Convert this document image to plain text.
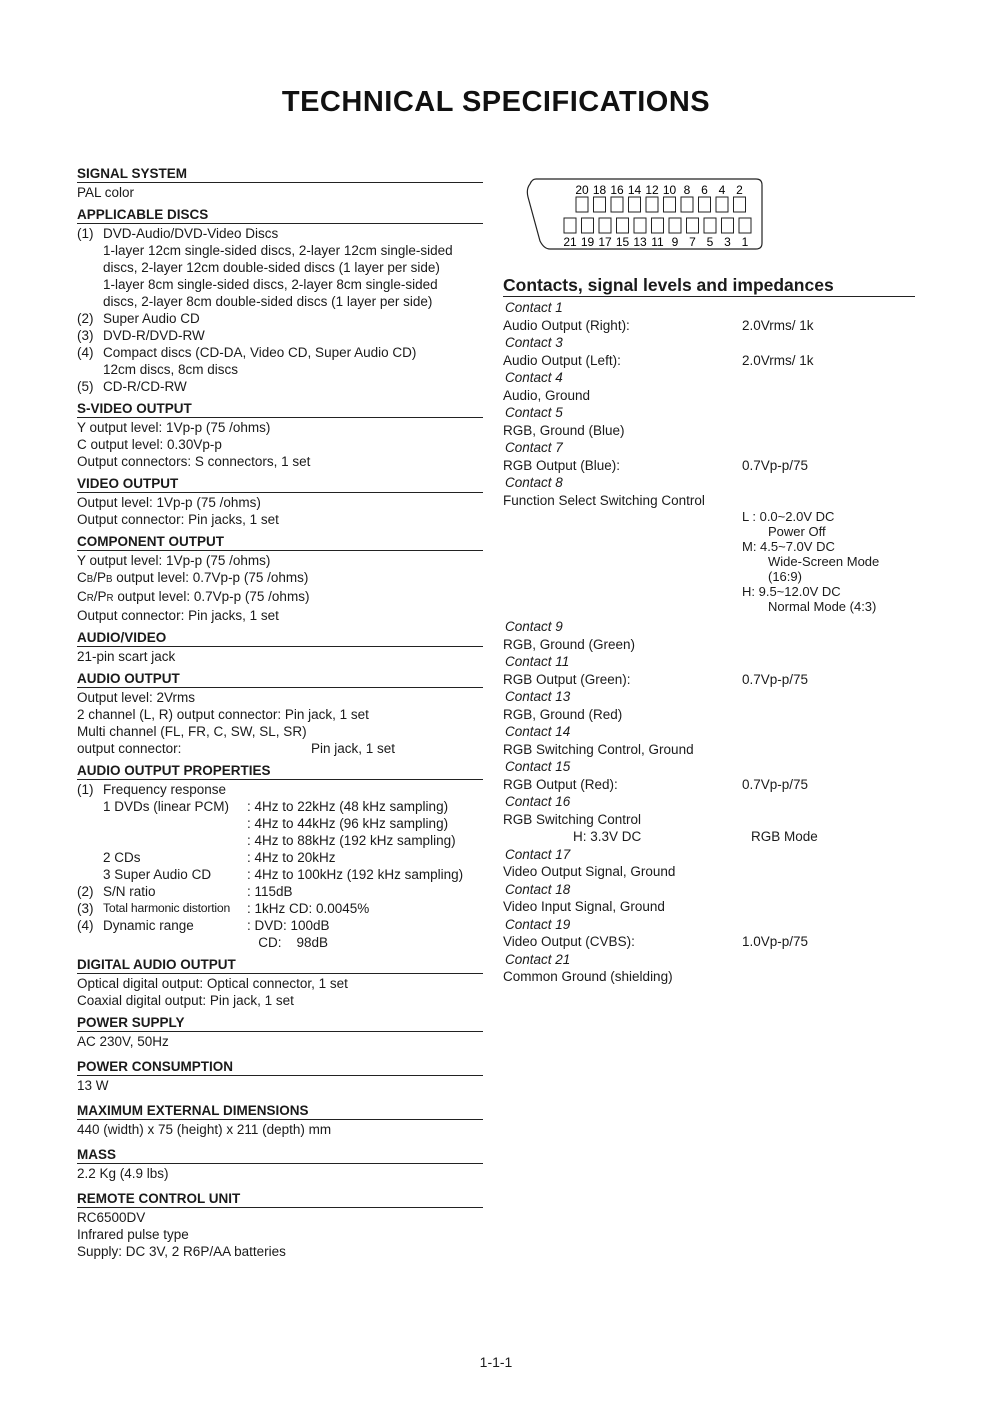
TECHNICAL SPECIFICATIONS
SIGNAL SYSTEM
PAL color
APPLICABLE DISCS
(1) DVD-Audio/DVD-Video Discs
1-layer 12cm single-sided discs, 2-layer 12cm single-sided
discs, 2-layer 12cm double-sided discs (1 layer per side)
1-layer 8cm single-sided discs, 2-layer 8cm single-sided
discs, 2-layer 8cm double-sided discs (1 layer per side)
(2) Super Audio CD
(3) DVD-R/DVD-RW
(4) Compact discs (CD-DA, Video CD, Super Audio CD)
12cm discs, 8cm discs
(5) CD-R/CD-RW
S-VIDEO OUTPUT
Y output level: 1Vp-p (75 /ohms)
C output level: 0.30Vp-p
Output connectors: S connectors, 1 set
VIDEO OUTPUT
Output level: 1Vp-p (75 /ohms)
Output connector: Pin jacks, 1 set
COMPONENT OUTPUT
Y output level: 1Vp-p (75 /ohms)
CB/PB output level: 0.7Vp-p (75 /ohms)
CR/PR output level: 0.7Vp-p (75 /ohms)
Output connector: Pin jacks, 1 set
AUDIO/VIDEO
21-pin scart jack
AUDIO OUTPUT
Output level: 2Vrms
2 channel (L, R) output connector: Pin jack, 1 set
Multi channel (FL, FR, C, SW, SL, SR)
output connector:	Pin jack, 1 set
AUDIO OUTPUT PROPERTIES
(1) Frequency response
1 DVDs (linear PCM)	: 4Hz to 22kHz (48 kHz sampling)
: 4Hz to 44kHz (96 kHz sampling)
: 4Hz to 88kHz (192 kHz sampling)
2 CDs	: 4Hz to 20kHz
3 Super Audio CD	: 4Hz to 100kHz (192 kHz sampling)
(2) S/N ratio	: 115dB
(3) Total harmonic distortion	: 1kHz CD: 0.0045%
(4) Dynamic range	: DVD: 100dB
CD:    98dB
DIGITAL AUDIO OUTPUT
Optical digital output: Optical connector, 1 set
Coaxial digital output: Pin jack, 1 set
POWER SUPPLY
AC 230V, 50Hz
POWER CONSUMPTION
13 W
MAXIMUM EXTERNAL DIMENSIONS
440 (width) x 75 (height) x 211 (depth) mm
MASS
2.2 Kg (4.9 lbs)
REMOTE CONTROL UNIT
RC6500DV
Infrared pulse type
Supply: DC 3V, 2 R6P/AA batteries
20 18 16 14 12 10 8 6 4 2
21 19 17 15 13 11 9 7 5 3 1
Contacts, signal levels and impedances
Contact 1
Audio Output (Right):	2.0Vrms/ 1k
Contact 3
Audio Output (Left):	2.0Vrms/ 1k
Contact 4
Audio, Ground
Contact 5
RGB, Ground (Blue)
Contact 7
RGB Output (Blue):	0.7Vp-p/75
Contact 8
Function Select Switching Control
L : 0.0~2.0V DC
Power Off
M: 4.5~7.0V DC
Wide-Screen Mode
(16:9)
H: 9.5~12.0V DC
Normal Mode (4:3)
Contact 9
RGB, Ground (Green)
Contact 11
RGB Output (Green):	0.7Vp-p/75
Contact 13
RGB, Ground (Red)
Contact 14
RGB Switching Control, Ground
Contact 15
RGB Output (Red):	0.7Vp-p/75
Contact 16
RGB Switching Control
H: 3.3V DC	RGB Mode
Contact 17
Video Output Signal, Ground
Contact 18
Video Input Signal, Ground
Contact 19
Video Output (CVBS):	1.0Vp-p/75
Contact 21
Common Ground (shielding)
1-1-1
